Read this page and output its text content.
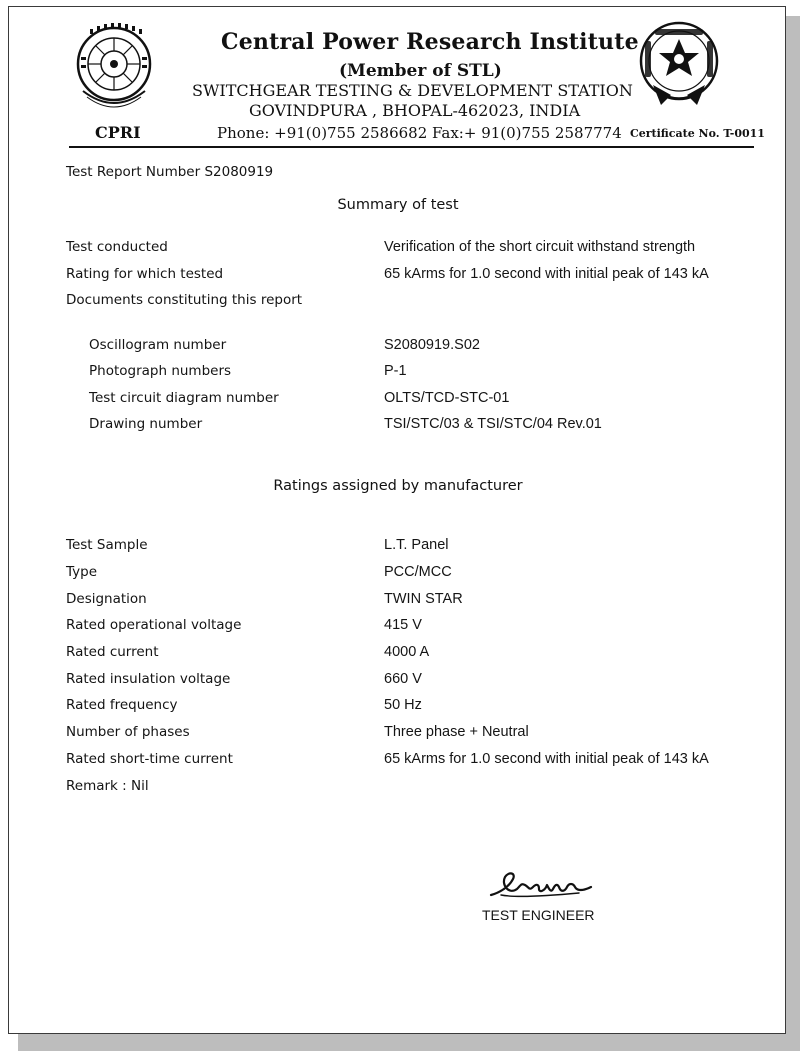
CPRI
Central Power Research Institute
(Member of STL)
SWITCHGEAR TESTING & DEVELOPMENT STATION
GOVINDPURA , BHOPAL-462023, INDIA
Phone: +91(0)755 2586682 Fax:+ 91(0)755 2587774 Certificate No. T-0011
Test Report Number S2080919
Summary of test
Test conducted	Verification of the short circuit withstand strength
Rating for which tested	65 kArms for 1.0 second with initial peak of 143 kA
Documents constituting this report
Oscillogram number	S2080919.S02
Photograph numbers	P-1
Test circuit diagram number	OLTS/TCD-STC-01
Drawing number	TSI/STC/03 & TSI/STC/04 Rev.01
Ratings assigned by manufacturer
Test Sample	L.T. Panel
Type	PCC/MCC
Designation	TWIN STAR
Rated operational voltage	415 V
Rated current	4000 A
Rated insulation voltage	660 V
Rated frequency	50 Hz
Number of phases	Three phase + Neutral
Rated short-time current	65 kArms for 1.0 second with initial peak of 143 kA
Remark : Nil
TEST ENGINEER
